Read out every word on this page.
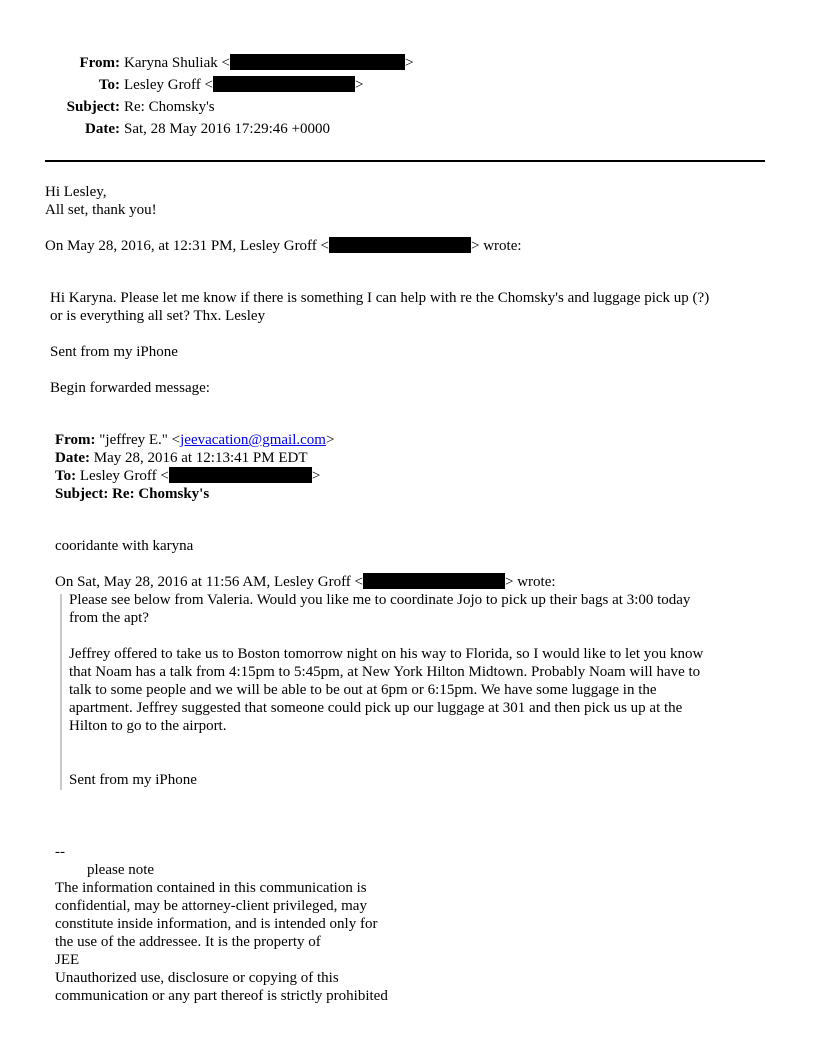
From: Karyna Shuliak <	>
To: Lesley Groff <	>
Subject: Re: Chomsky's
Date: Sat, 28 May 2016 17:29:46 +0000
Hi Lesley,
All set, thank you!
On May 28, 2016, at 12:31 PM, Lesley Groff <	> wrote:
Hi Karyna. Please let me know if there is something I can help with re the Chomsky's and luggage pick up (?)
or is everything all set? Thx. Lesley
Sent from my iPhone
Begin forwarded message:
From: "jeffrey E." <jeevacation@gmail.com>
Date: May 28, 2016 at 12:13:41 PM EDT
To: Lesley Groff <	>
Subject: Re: Chomsky's
cooridante with karyna
On Sat, May 28, 2016 at 11:56 AM, Lesley Groff <	> wrote:
Please see below from Valeria. Would you like me to coordinate Jojo to pick up their bags at 3:00 today
from the apt?
Jeffrey offered to take us to Boston tomorrow night on his way to Florida, so I would like to let you know
that Noam has a talk from 4:15pm to 5:45pm, at New York Hilton Midtown. Probably Noam will have to
talk to some people and we will be able to be out at 6pm or 6:15pm. We have some luggage in the
apartment. Jeffrey suggested that someone could pick up our luggage at 301 and then pick us up at the
Hilton to go to the airport.
Sent from my iPhone
--
please note
The information contained in this communication is
confidential, may be attorney-client privileged, may
constitute inside information, and is intended only for
the use of the addressee. It is the property of
JEE
Unauthorized use, disclosure or copying of this
communication or any part thereof is strictly prohibited
